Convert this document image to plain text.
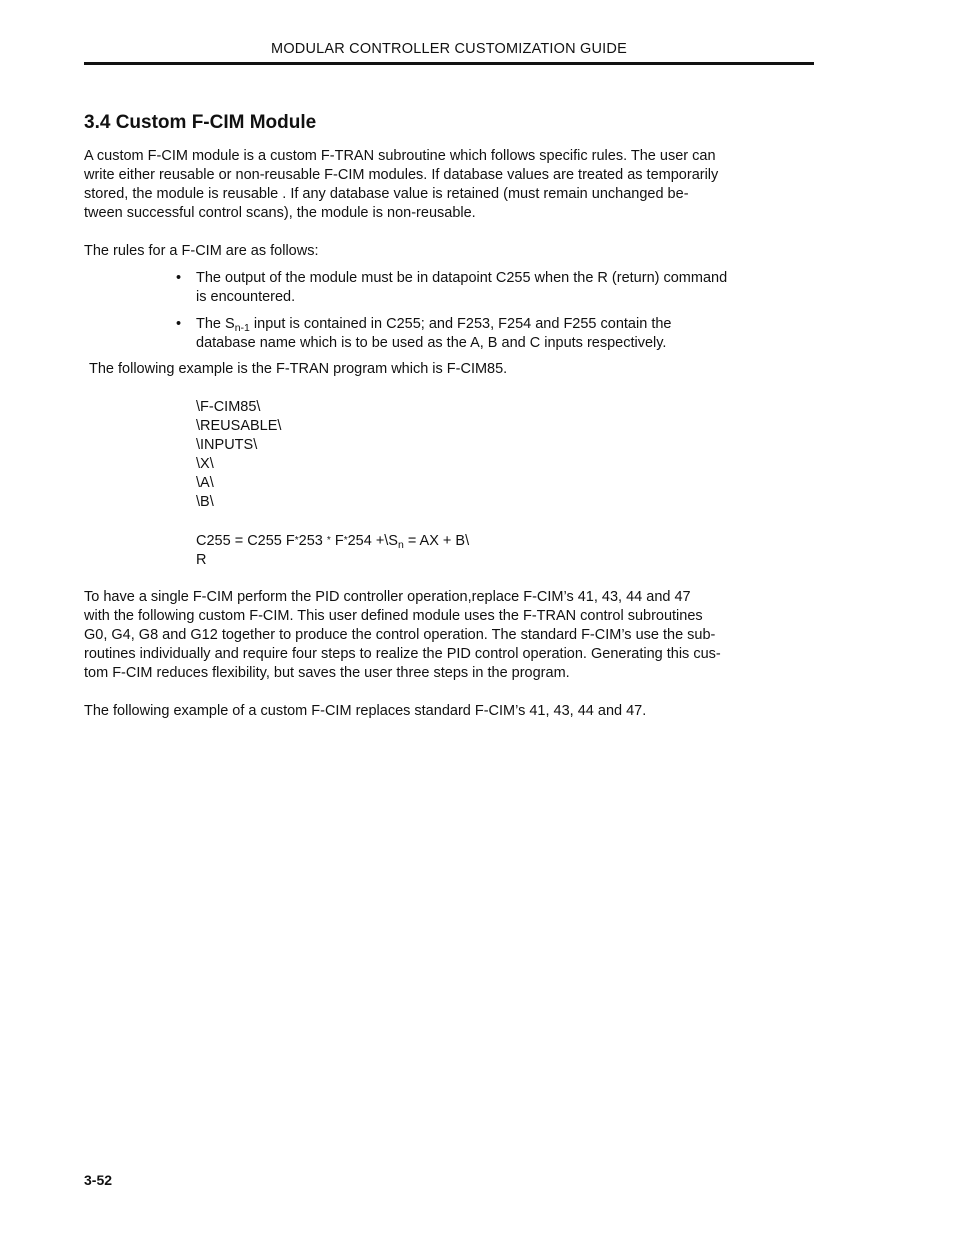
MODULAR CONTROLLER CUSTOMIZATION GUIDE
3.4 Custom F-CIM Module

A custom F-CIM module is a custom F-TRAN subroutine which follows specific rules. The user can
write either reusable or non-reusable F-CIM modules. If database values are treated as temporarily
stored, the module is reusable . If any database value is retained (must remain unchanged be-
tween successful control scans), the module is non-reusable.

The rules for a F-CIM are as follows:

•	The output of the module must be in datapoint C255 when the R (return) command
is encountered.
•	The $S_{n-1}$ input is contained in C255; and F253, F254 and F255 contain the
database name which is to be used as the A, B and C inputs respectively.

The following example is the F-TRAN program which is F-CIM85.

\F-CIM85\
\REUSABLE\
\INPUTS\
\X\
\A\
\B\

C255 = C255 $F*253 * F*254 +\backslash S_n$ = AX + B\
R

To have a single F-CIM perform the PID controller operation,replace F-CIM’s 41, 43, 44 and 47
with the following custom F-CIM. This user defined module uses the F-TRAN control subroutines
G0, G4, G8 and G12 together to produce the control operation. The standard F-CIM’s use the sub-
routines individually and require four steps to realize the PID control operation. Generating this cus-
tom F-CIM reduces flexibility, but saves the user three steps in the program.

The following example of a custom F-CIM replaces standard F-CIM’s 41, 43, 44 and 47.

3-52
